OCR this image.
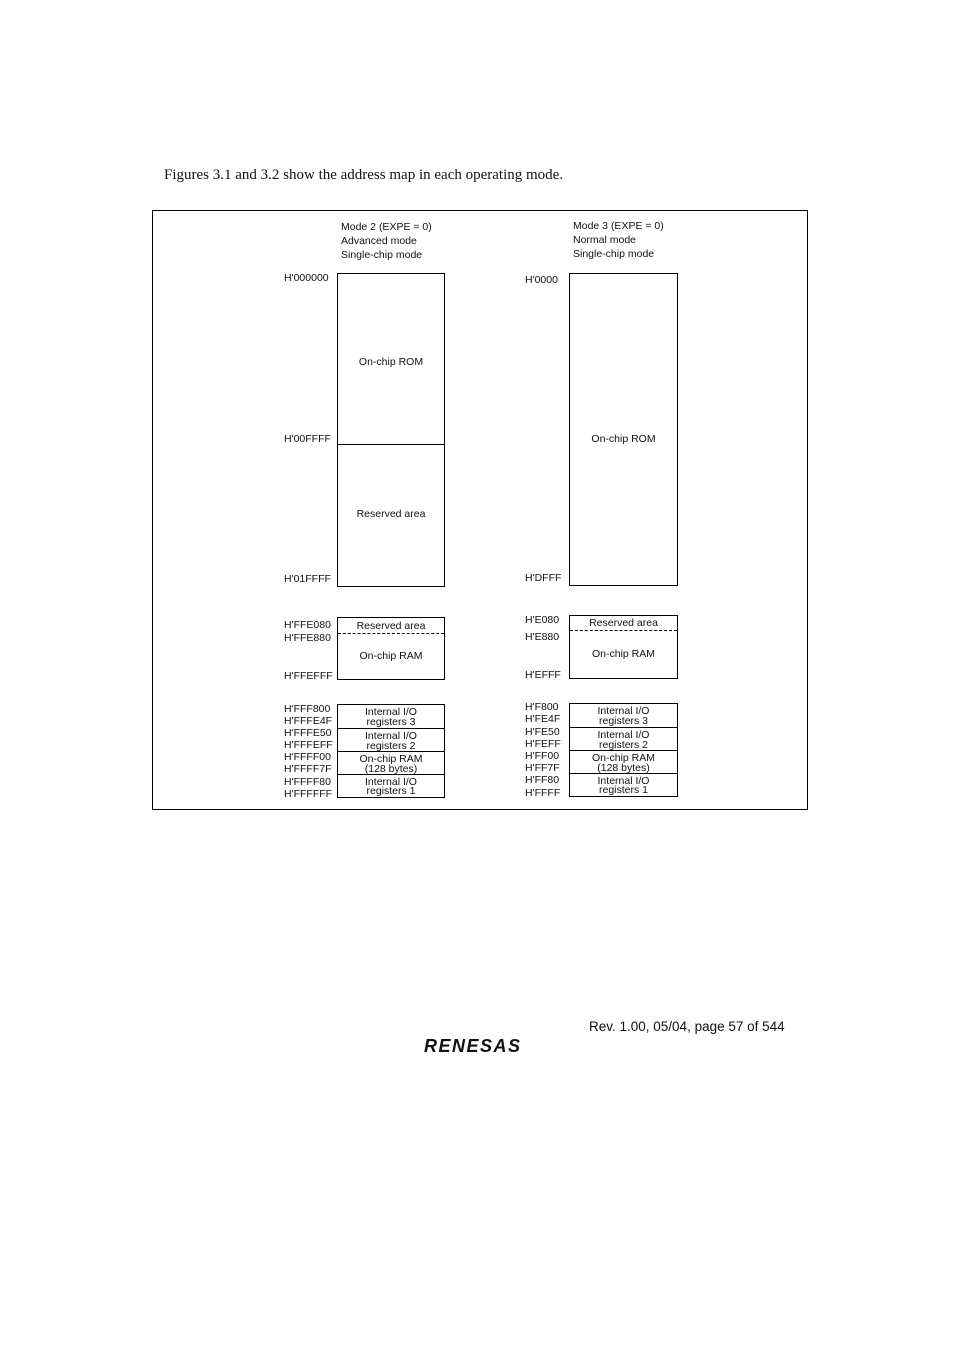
Figures 3.1 and 3.2 show the address map in each operating mode.
Mode 2 (EXPE = 0)
Advanced mode
Single-chip mode
H'000000
H'00FFFF
H'01FFFF
On-chip ROM
Reserved area
H'FFE080
H'FFE880
H'FFEFFF
Reserved area
On-chip RAM
H'FFF800
H'FFFE4F
H'FFFE50
H'FFFEFF
H'FFFF00
H'FFFF7F
H'FFFF80
H'FFFFFF
Internal I/O
registers 3
Internal I/O
registers 2
On-chip RAM
(128 bytes)
Internal I/O
registers 1
Mode 3 (EXPE = 0)
Normal mode
Single-chip mode
H'0000
H'DFFF
On-chip ROM
H'E080
H'E880
H'EFFF
Reserved area
On-chip RAM
H'F800
H'FE4F
H'FE50
H'FEFF
H'FF00
H'FF7F
H'FF80
H'FFFF
Internal I/O
registers 3
Internal I/O
registers 2
On-chip RAM
(128 bytes)
Internal I/O
registers 1
Rev. 1.00, 05/04, page 57 of 544
RENESAS
